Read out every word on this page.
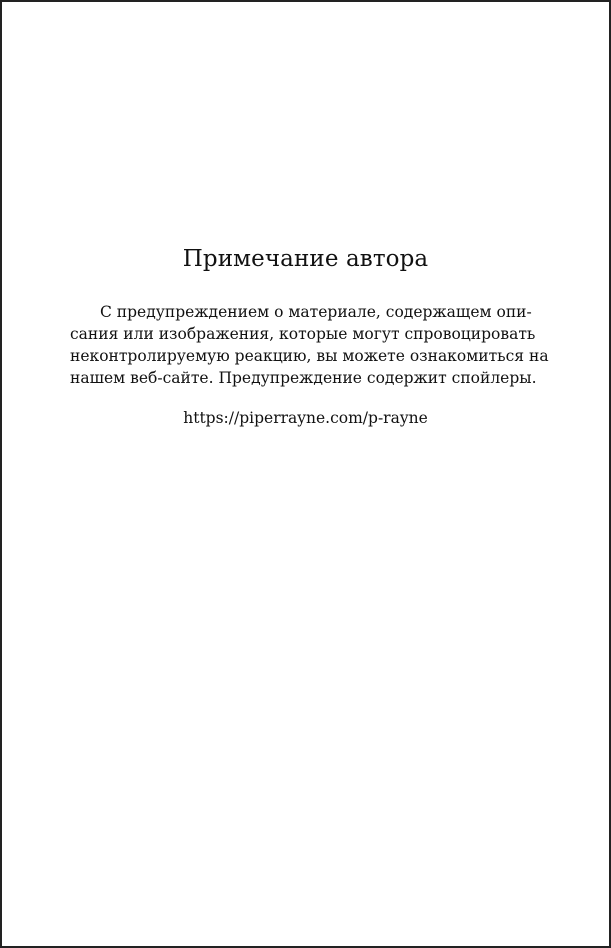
Примечание автора

С предупреждением о материале, содержащем опи-
сания или изображения, которые могут спровоцировать
неконтролируемую реакцию, вы можете ознакомиться на
нашем веб-сайте. Предупреждение содержит спойлеры.

https://piperrayne.com/p-rayne
